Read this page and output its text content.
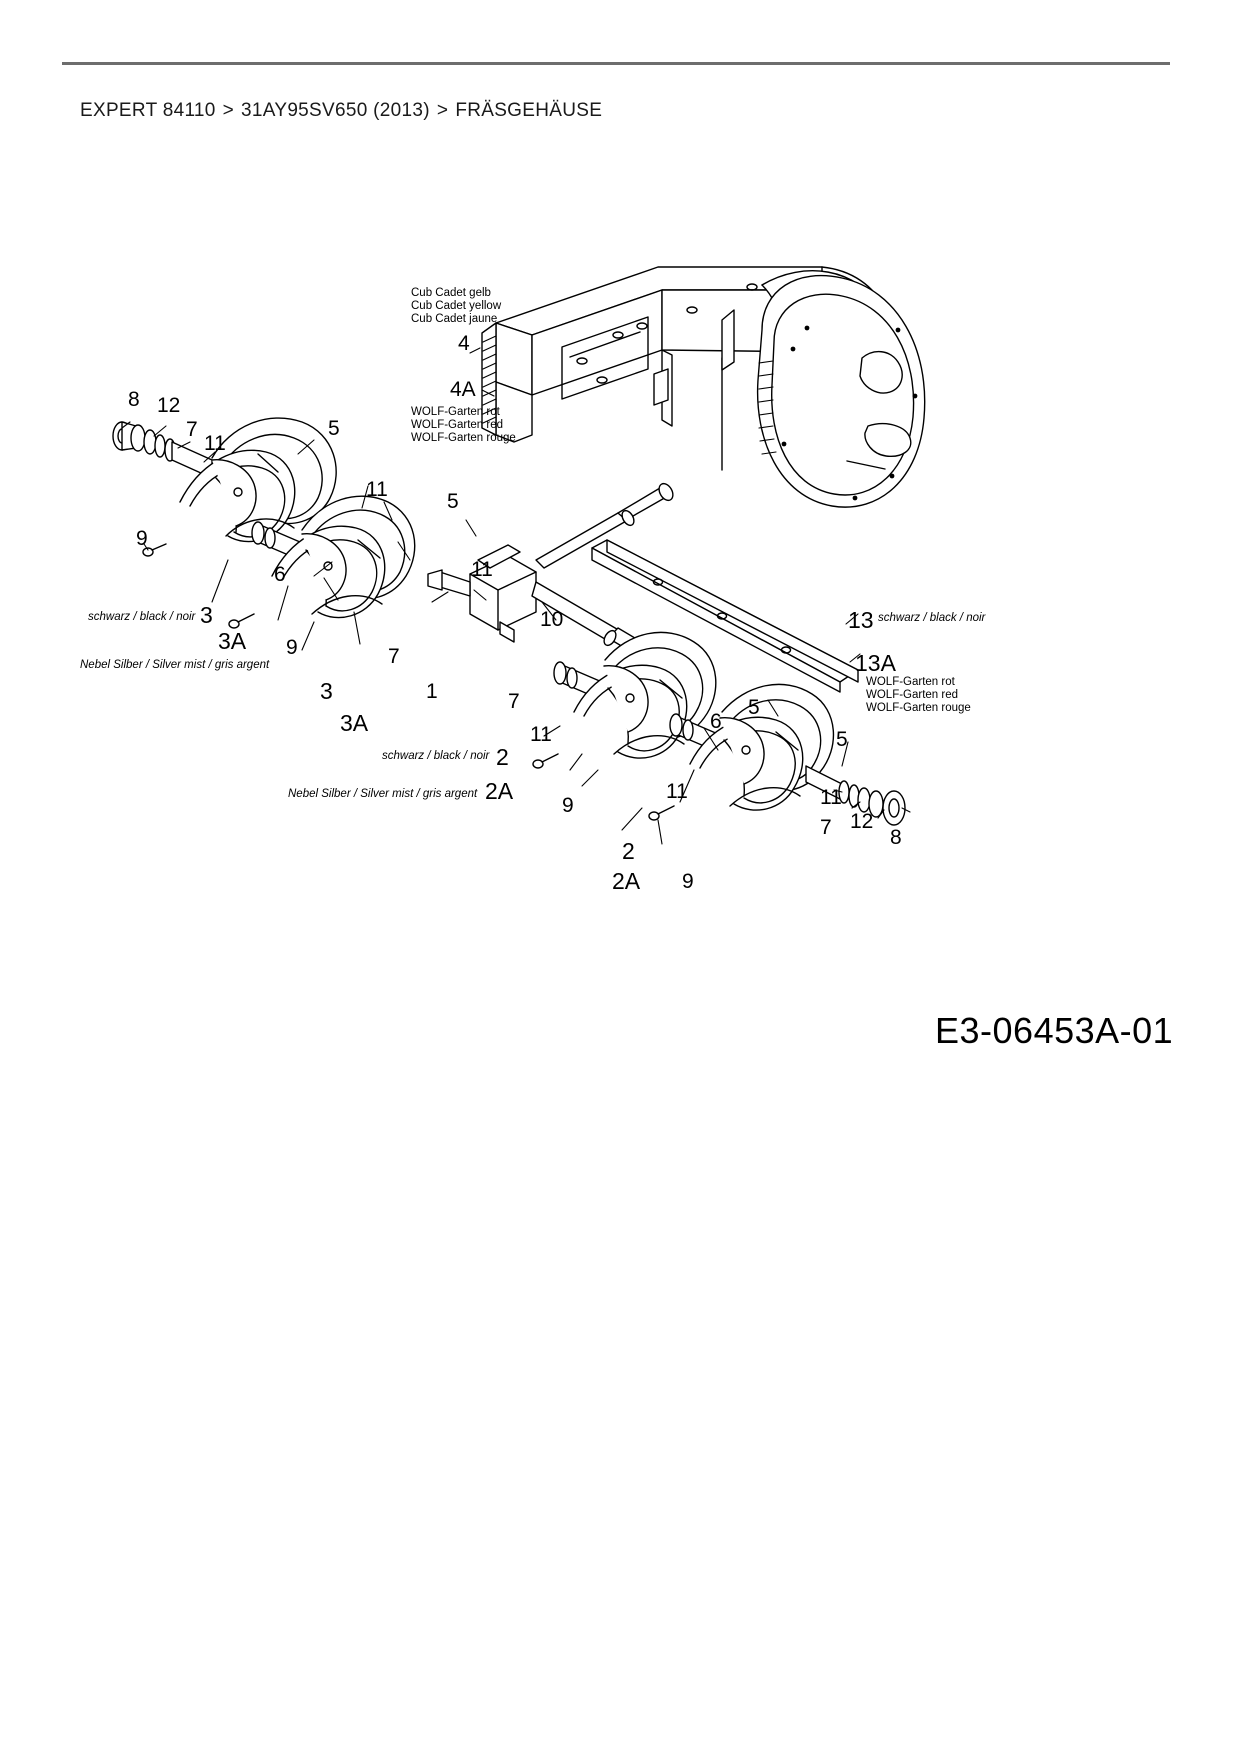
EXPERT 84110 > 31AY95SV650 (2013) > FRÄSGEHÄUSE
8 12
7
11
5
9
3
3A
6
11
5
9
3
3A
7
1
11
10
4
4A
13
13A
7
11
2
2A
9
11
2
2A 9
6
5
5
11
7 12
8
Cub Cadet gelb
Cub Cadet yellow
Cub Cadet jaune
WOLF-Garten rot
WOLF-Garten red
WOLF-Garten rouge
WOLF-Garten rot
WOLF-Garten red
WOLF-Garten rouge
schwarz / black / noir
Nebel Silber / Silver mist / gris argent
schwarz / black / noir
Nebel Silber / Silver mist / gris argent
schwarz / black / noir
E3-06453A-01
